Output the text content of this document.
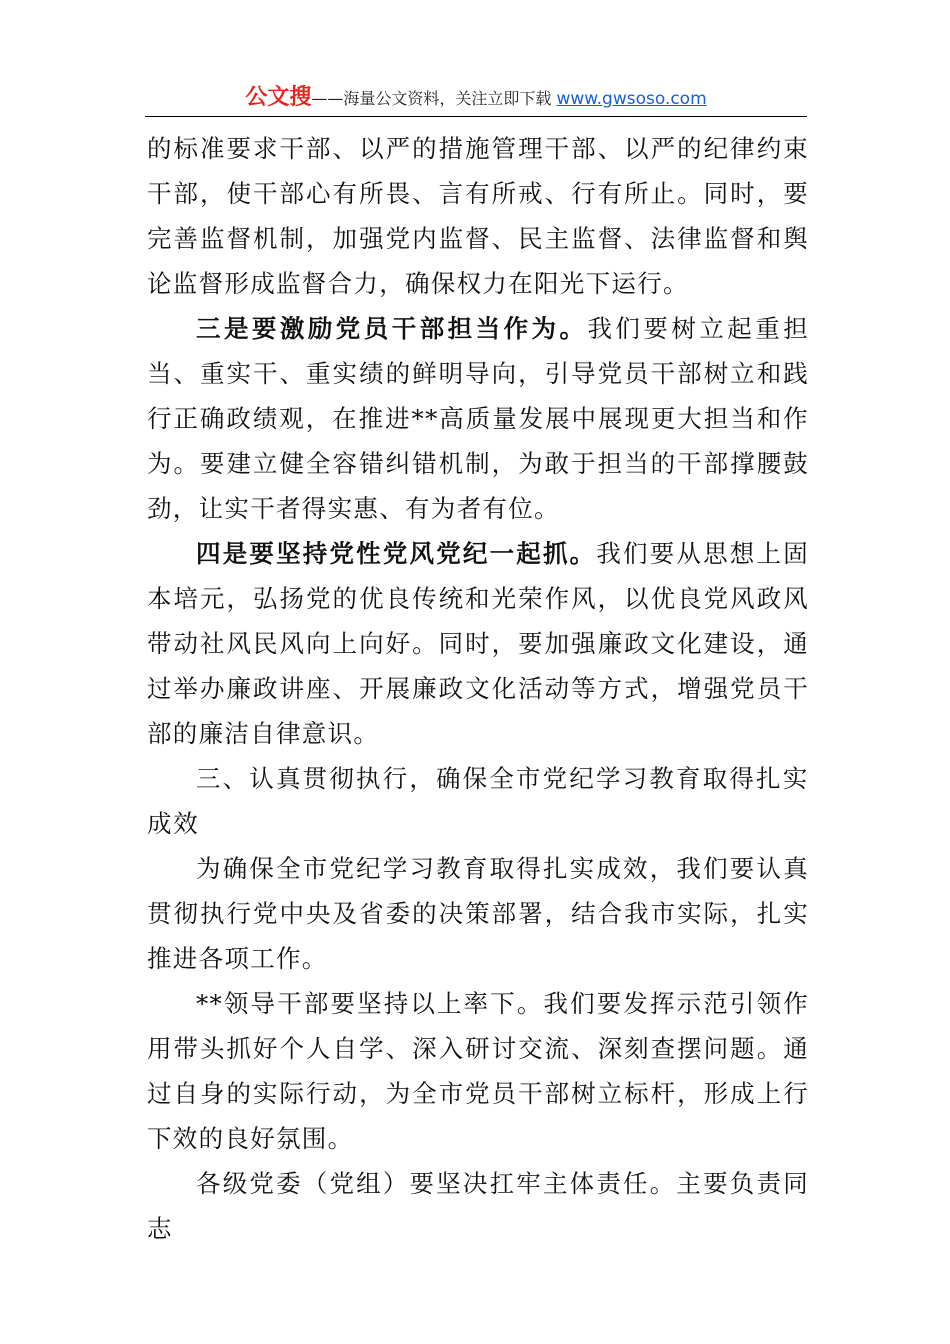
公文搜——海量公文资料，关注立即下载 www.gwsoso.com

的标准要求干部、以严的措施管理干部、以严的纪律约束干部，使干部心有所畏、言有所戒、行有所止。同时，要完善监督机制，加强党内监督、民主监督、法律监督和舆论监督形成监督合力，确保权力在阳光下运行。

三是要激励党员干部担当作为。我们要树立起重担当、重实干、重实绩的鲜明导向，引导党员干部树立和践行正确政绩观，在推进**高质量发展中展现更大担当和作为。要建立健全容错纠错机制，为敢于担当的干部撑腰鼓劲，让实干者得实惠、有为者有位。

四是要坚持党性党风党纪一起抓。我们要从思想上固本培元，弘扬党的优良传统和光荣作风，以优良党风政风带动社风民风向上向好。同时，要加强廉政文化建设，通过举办廉政讲座、开展廉政文化活动等方式，增强党员干部的廉洁自律意识。

三、认真贯彻执行，确保全市党纪学习教育取得扎实成效

为确保全市党纪学习教育取得扎实成效，我们要认真贯彻执行党中央及省委的决策部署，结合我市实际，扎实推进各项工作。

**领导干部要坚持以上率下。我们要发挥示范引领作用带头抓好个人自学、深入研讨交流、深刻查摆问题。通过自身的实际行动，为全市党员干部树立标杆，形成上行下效的良好氛围。

各级党委（党组）要坚决扛牢主体责任。主要负责同志
